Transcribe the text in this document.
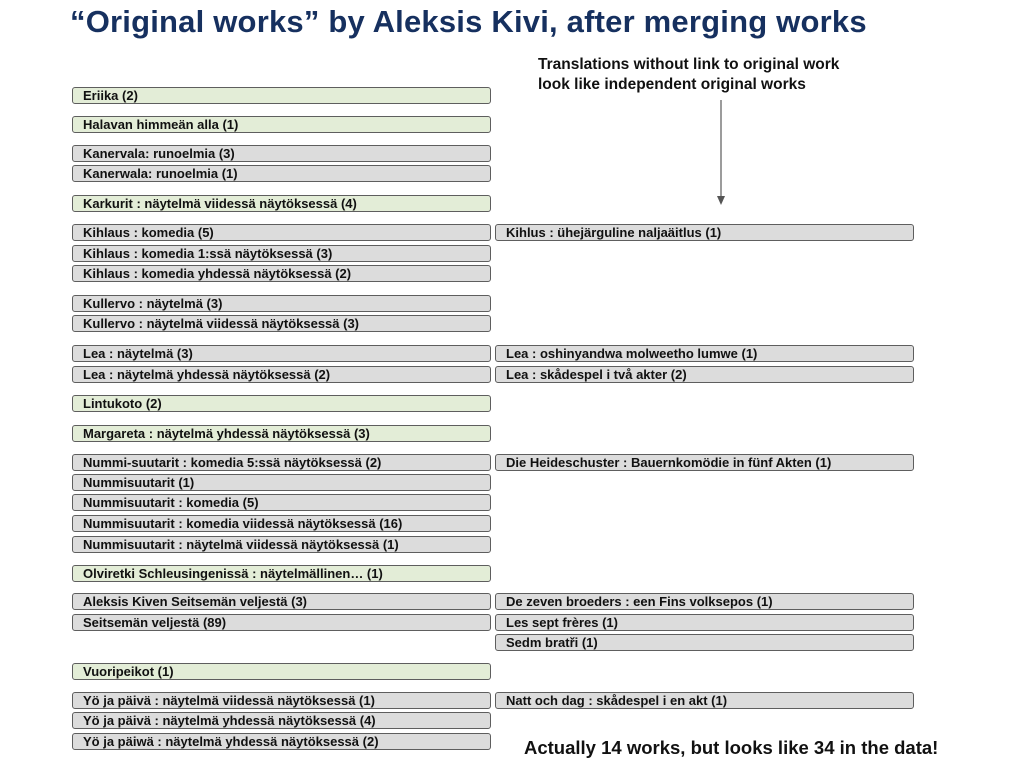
“Original works” by Aleksis Kivi, after merging works
Translations without link to original work
look like independent original works
Eriika (2)
Halavan himmeän alla (1)
Kanervala: runoelmia (3)
Kanerwala: runoelmia (1)
Karkurit : näytelmä viidessä näytöksessä (4)
Kihlaus : komedia (5)
Kihlaus : komedia 1:ssä näytöksessä (3)
Kihlaus : komedia yhdessä näytöksessä (2)
Kullervo : näytelmä (3)
Kullervo : näytelmä viidessä näytöksessä (3)
Lea : näytelmä (3)
Lea : näytelmä yhdessä näytöksessä (2)
Lintukoto (2)
Margareta : näytelmä yhdessä näytöksessä (3)
Nummi-suutarit : komedia 5:ssä näytöksessä (2)
Nummisuutarit (1)
Nummisuutarit : komedia (5)
Nummisuutarit : komedia viidessä näytöksessä (16)
Nummisuutarit : näytelmä viidessä näytöksessä (1)
Olviretki Schleusingenissä : näytelmällinen… (1)
Aleksis Kiven Seitsemän veljestä (3)
Seitsemän veljestä (89)
Vuoripeikot (1)
Yö ja päivä : näytelmä viidessä näytöksessä (1)
Yö ja päivä : näytelmä yhdessä näytöksessä (4)
Yö ja päiwä : näytelmä yhdessä näytöksessä (2)
Kihlus : ühejärguline naljaäitlus (1)
Lea : oshinyandwa molweetho lumwe (1)
Lea : skådespel i två akter (2)
Die Heideschuster : Bauernkomödie in fünf Akten (1)
De zeven broeders : een Fins volksepos (1)
Les sept frères (1)
Sedm bratři (1)
Natt och dag : skådespel i en akt (1)
Actually 14 works, but looks like 34 in the data!
